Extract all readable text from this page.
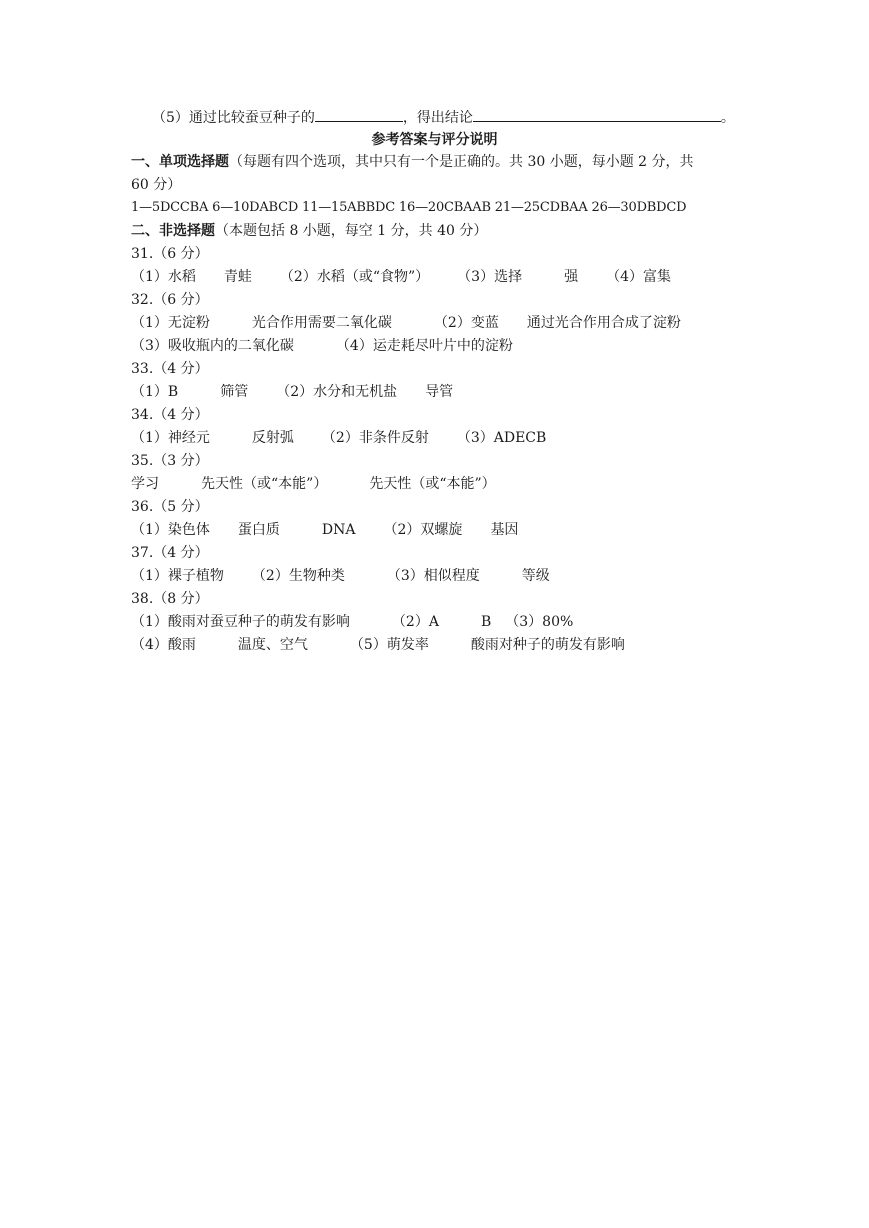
（5）通过比较蚕豆种子的	，得出结论	。
参考答案与评分说明
一、单项选择题（每题有四个选项，其中只有一个是正确的。共 30 小题，每小题 2 分，共
60 分）
1—5DCCBA 6—10DABCD 11—15ABBDC 16—20CBAAB 21—25CDBAA 26—30DBDCD
二、非选择题（本题包括 8 小题，每空 1 分，共 40 分）
31.（6 分）
（1）水稻 青蛙 （2）水稻（或“食物”） （3）选择	强 （4）富集
32.（6 分）
（1）无淀粉	光合作用需要二氧化碳	（2）变蓝 通过光合作用合成了淀粉
（3）吸收瓶内的二氧化碳	（4）运走耗尽叶片中的淀粉
33.（4 分）
（1）B	筛管 （2）水分和无机盐 导管
34.（4 分）
（1）神经元	反射弧 （2）非条件反射 （3）ADECB
35.（3 分）
学习	先天性（或“本能”）	先天性（或“本能”）
36.（5 分）
（1）染色体 蛋白质	DNA （2）双螺旋 基因
37.（4 分）
（1）裸子植物 （2）生物种类	（3）相似程度	等级
38.（8 分）
（1）酸雨对蚕豆种子的萌发有影响	（2）A	B （3）80%
（4）酸雨	温度、空气	（5）萌发率	酸雨对种子的萌发有影响
